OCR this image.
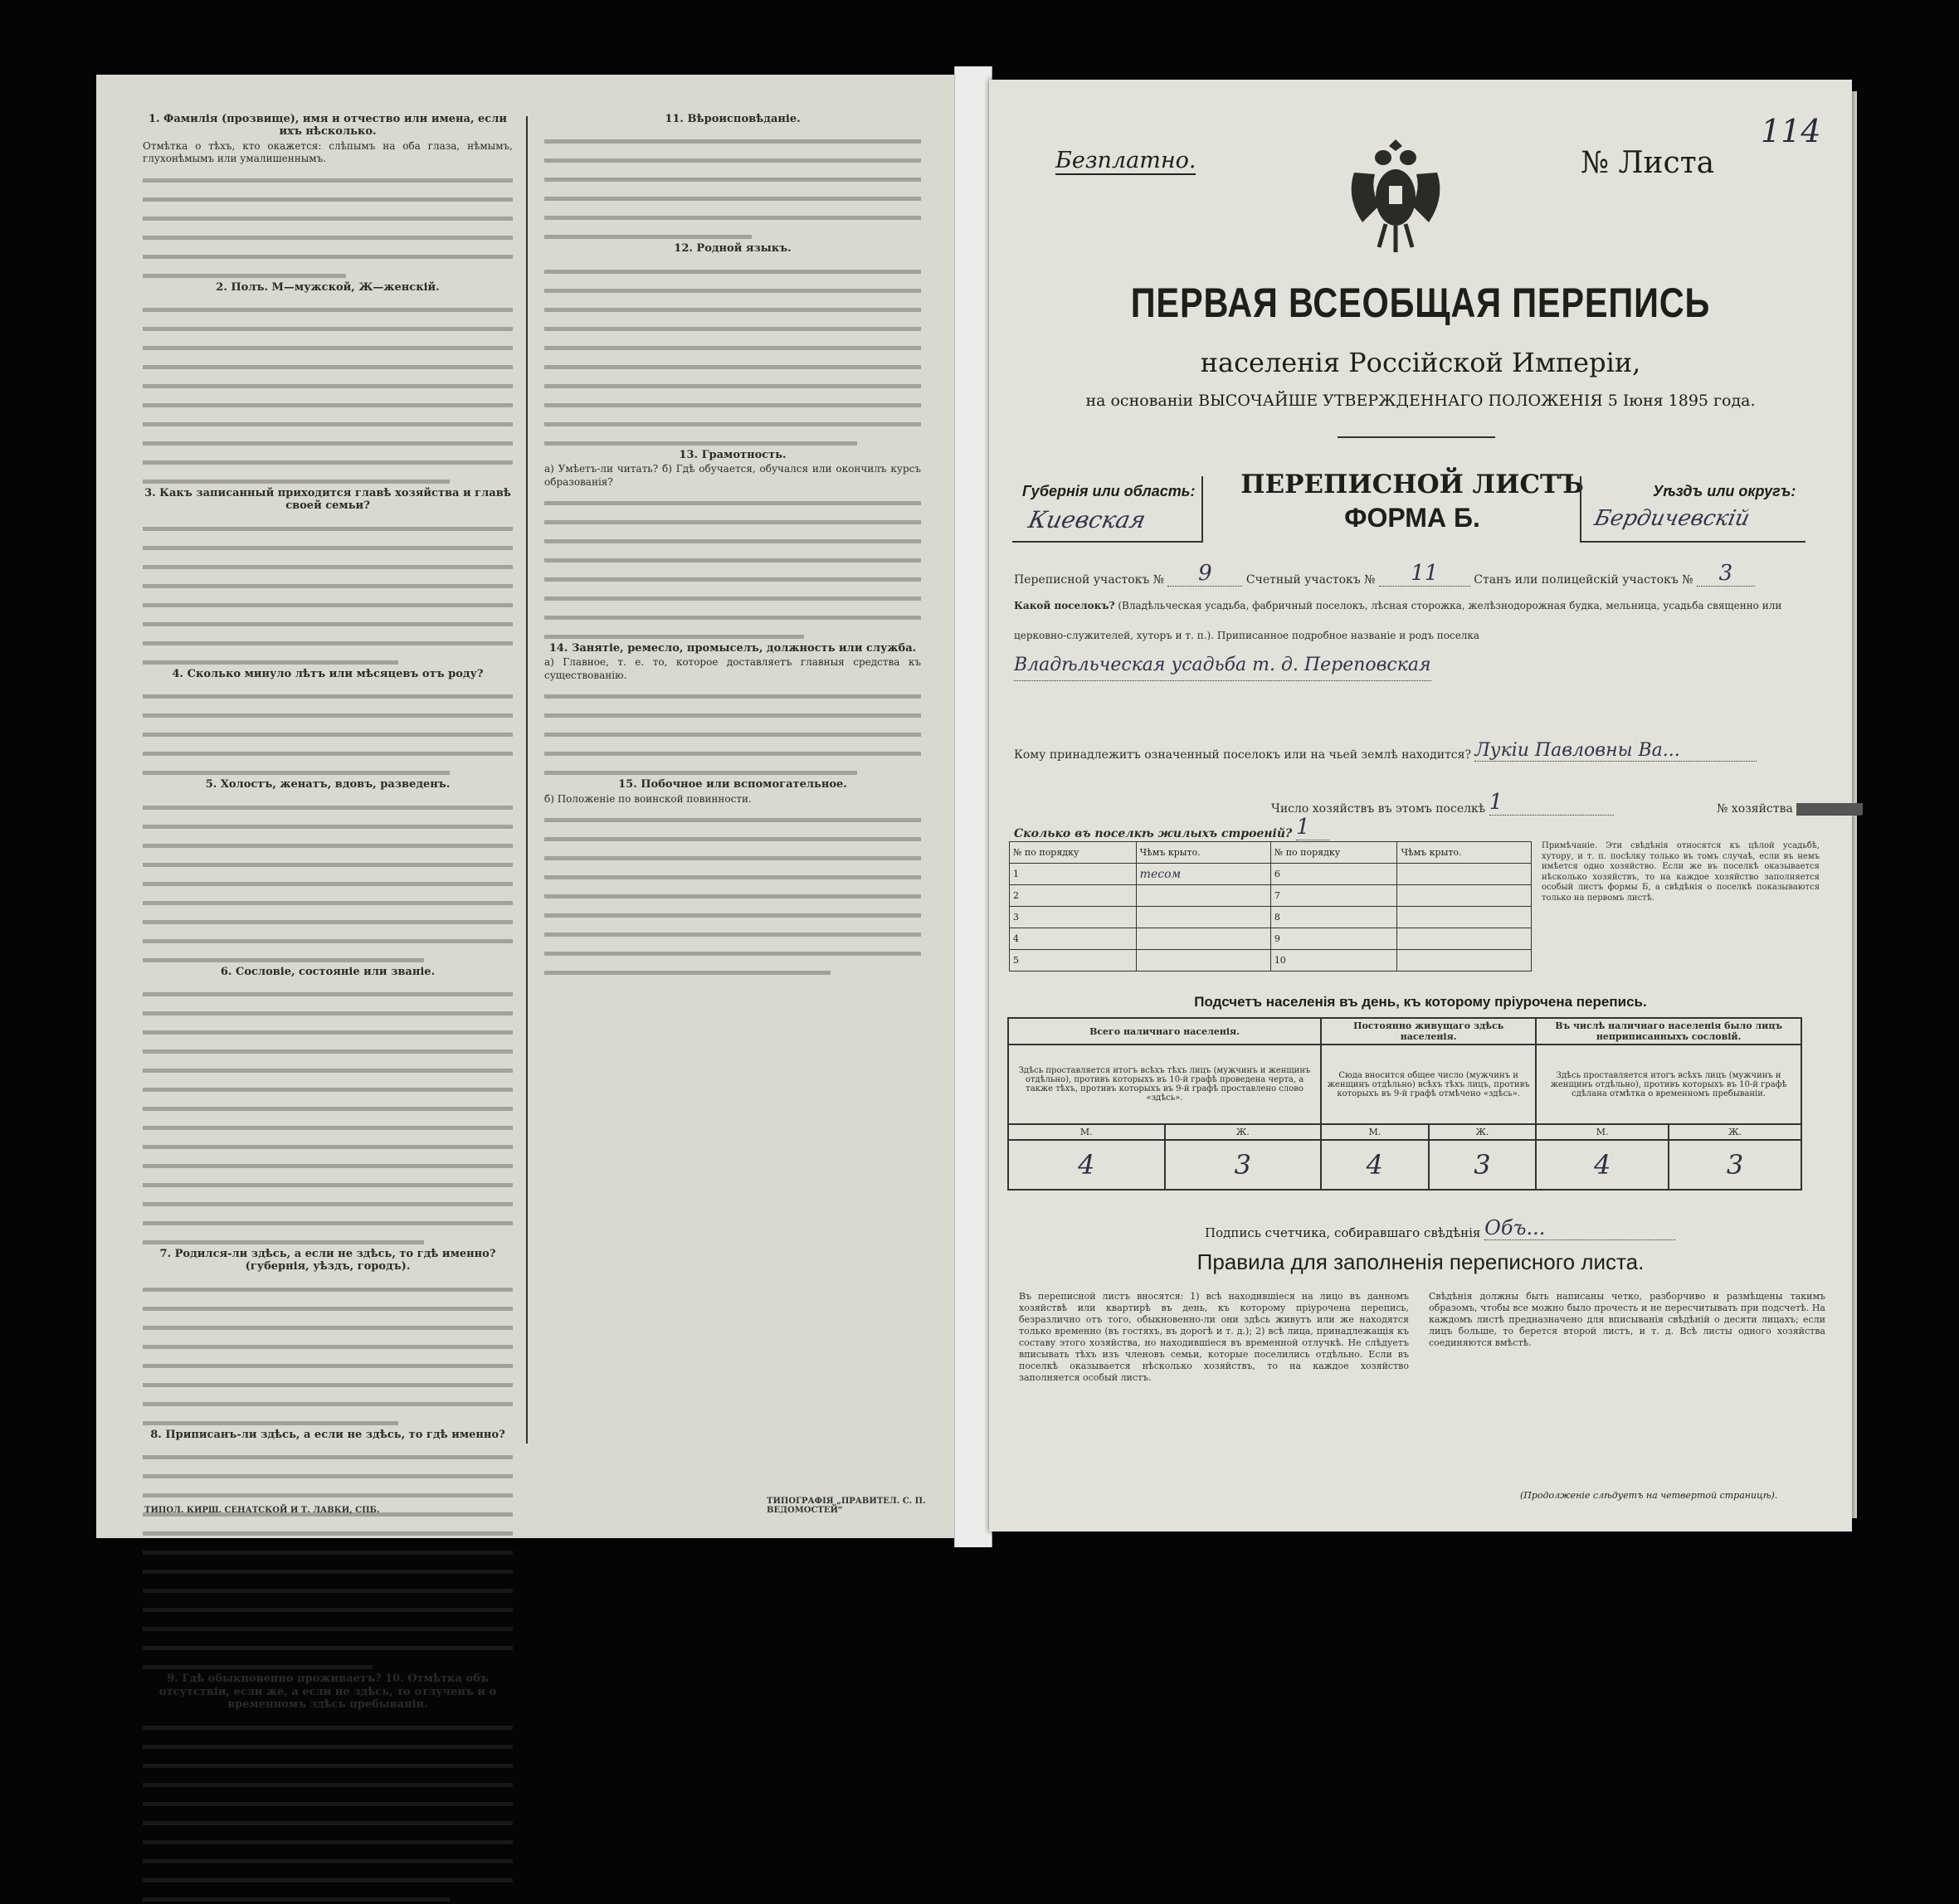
1. Фамилія (прозвище), имя и отчество или имена, если ихъ нѣсколько.
Отмѣтка о тѣхъ, кто окажется: слѣпымъ на оба глаза, нѣмымъ, глухонѣмымъ или умалишеннымъ.
2. Полъ. М—мужской, Ж—женскій.
3. Какъ записанный приходится главѣ хозяйства и главѣ своей семьи?
4. Сколько минуло лѣтъ или мѣсяцевъ отъ роду?
5. Холостъ, женатъ, вдовъ, разведенъ.
6. Сословіе, состояніе или званіе.
7. Родился-ли здѣсь, а если не здѣсь, то гдѣ именно? (губернія, уѣздъ, городъ).
8. Приписанъ-ли здѣсь, а если не здѣсь, то гдѣ именно?
9. Гдѣ обыкновенно проживаетъ? 10. Отмѣтка объ отсутствіи, если же, а если не здѣсь, то отлученъ и о временномъ здѣсь пребываніи.
11. Вѣроисповѣданіе.
12. Родной языкъ.
13. Грамотность.
а) Умѣетъ-ли читать? б) Гдѣ обучается, обучался или окончилъ курсъ образованія?
14. Занятіе, ремесло, промыселъ, должность или служба.
а) Главное, т. е. то, которое доставляетъ главныя средства къ существованію.
15. Побочное или вспомогательное.
б) Положеніе по воинской повинности.
ТИПОЛ. КИРШ. СЕНАТСКОЙ И Т. ЛАВКИ, СПБ.
ТИПОГРАФІЯ „ПРАВИТЕЛ. С. П. ВЕДОМОСТЕЙ“
Безплатно.	№ Листа
114
ПЕРВАЯ ВСЕОБЩАЯ ПЕРЕПИСЬ
населенія Россійской Имперіи,
на основаніи ВЫСОЧАЙШЕ УТВЕРЖДЕННАГО ПОЛОЖЕНІЯ 5 Іюня 1895 года.
Губернія или область:
Киевская
ПЕРЕПИСНОЙ ЛИСТЪ
ФОРМА Б.
Уѣздъ или округъ:
Бердичевскій
Переписной участокъ № 9	Счетный участокъ № 11	Станъ или полицейскій участокъ № 3
Какой поселокъ? (Владѣльческая усадьба, фабричный поселокъ, лѣсная сторожка, желѣзнодорожная будка, мельница, усадьба священно или церковно-служителей, хуторъ и т. п.). Приписанное подробное названіе и родъ поселка Владѣльческая усадьба т. д. Переповская
Кому принадлежитъ означенный поселокъ или на чьей землѣ находится? Лукіи Павловны Ва...
Число хозяйствъ въ этомъ поселкѣ 1	№ хозяйства
Сколько въ поселкѣ жилыхъ строеній? 1
№ по порядку	Чѣмъ крыто.	№ по порядку	Чѣмъ крыто.
1	тесом	6	
2		7	
3		8	
4		9	
5		10	
Примѣчаніе. Эти свѣдѣнія относятся къ цѣлой усадьбѣ, хутору, и т. п. посѣлку только въ томъ случаѣ, если въ немъ имѣется одно хозяйство. Если же въ поселкѣ оказывается нѣсколько хозяйствъ, то на каждое хозяйство заполняется особый листъ формы Б, а свѣдѣнія о поселкѣ показываются только на первомъ листѣ.
Подсчетъ населенія въ день, къ которому пріурочена перепись.
Всего наличнаго населенія.		Постоянно живущаго здѣсь населенія.		Въ числѣ наличнаго населенія было лицъ неприписанныхъ сословій.	
Здѣсь проставляется итогъ всѣхъ тѣхъ лицъ (мужчинъ и женщинъ отдѣльно), противъ которыхъ въ 10-й графѣ проведена черта, а также тѣхъ, противъ которыхъ въ 9-й графѣ проставлено слово «здѣсь».		Сюда вносится общее число (мужчинъ и женщинъ отдѣльно) всѣхъ тѣхъ лицъ, противъ которыхъ въ 9-й графѣ отмѣчено «здѣсь».		Здѣсь проставляется итогъ всѣхъ лицъ (мужчинъ и женщинъ отдѣльно), противъ которыхъ въ 10-й графѣ сдѣлана отмѣтка о временномъ пребываніи.	
М.	Ж.	М.	Ж.	М.	Ж.
4	3	4	3	4	3
Подпись счетчика, собиравшаго свѣдѣнія Объ...
Правила для заполненія переписного листа.
Въ переписной листъ вносятся: 1) всѣ находившіеся на лицо въ данномъ хозяйствѣ или квартирѣ въ день, къ которому пріурочена перепись, безразлично отъ того, обыкновенно-ли они здѣсь живутъ или же находятся только временно (въ гостяхъ, въ дорогѣ и т. д.); 2) всѣ лица, принадлежащія къ составу этого хозяйства, но находившіеся въ временной отлучкѣ. Не слѣдуетъ вписывать тѣхъ изъ членовъ семьи, которые поселились отдѣльно. Если въ поселкѣ оказывается нѣсколько хозяйствъ, то на каждое хозяйство заполняется особый листъ.
Свѣдѣнія должны быть написаны четко, разборчиво и размѣщены такимъ образомъ, чтобы все можно было прочесть и не пересчитывать при подсчетѣ. На каждомъ листѣ предназначено для вписыванія свѣдѣній о десяти лицахъ; если лицъ больше, то берется второй листъ, и т. д. Всѣ листы одного хозяйства соединяются вмѣстѣ.
(Продолженіе слѣдуетъ на четвертой страницѣ).
